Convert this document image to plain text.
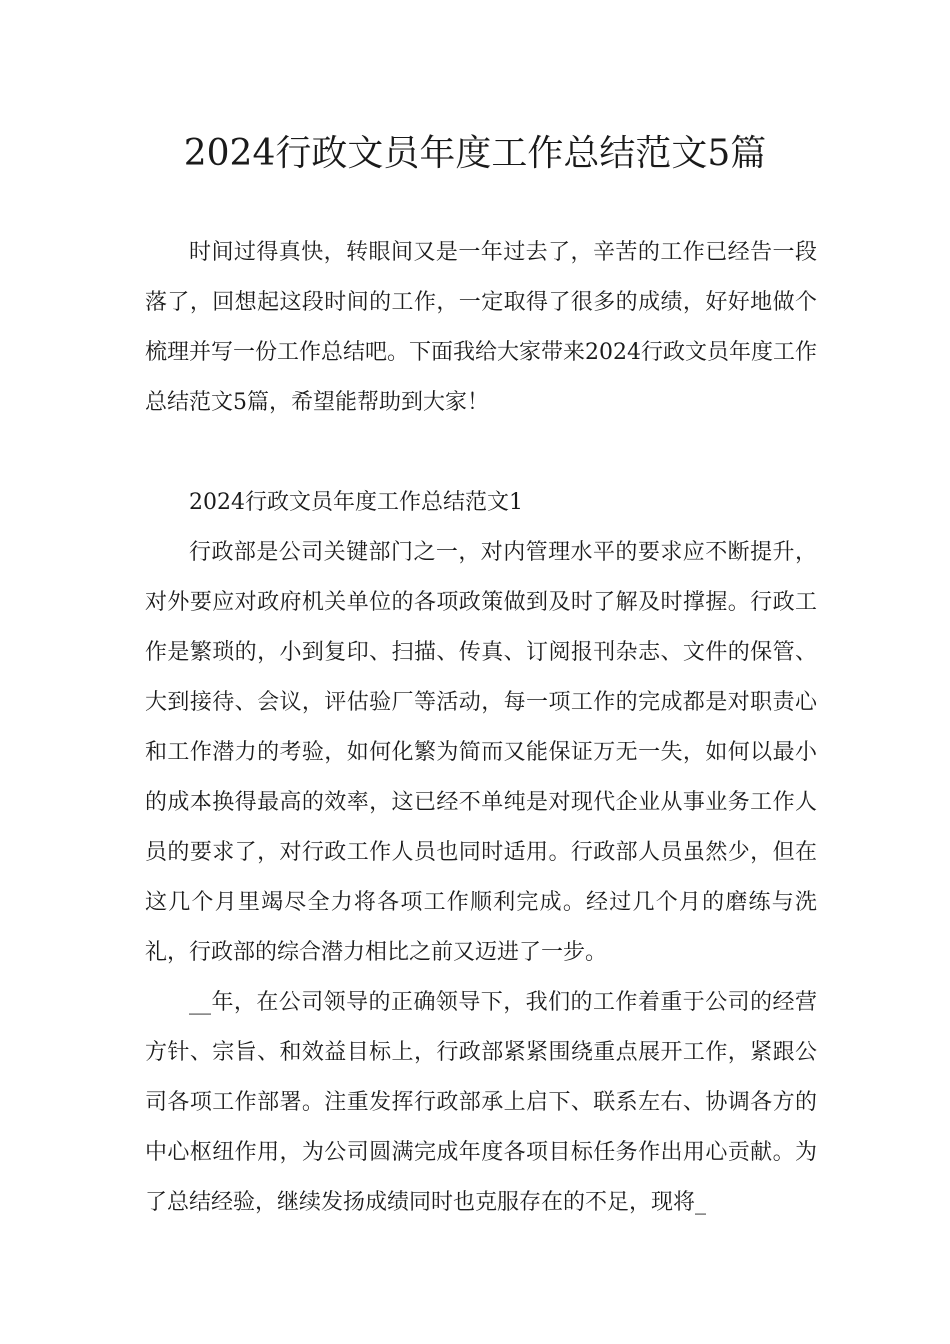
2024行政文员年度工作总结范文5篇

时间过得真快，转眼间又是一年过去了，辛苦的工作已经告一段落了，回想起这段时间的工作，一定取得了很多的成绩，好好地做个梳理并写一份工作总结吧。下面我给大家带来2024行政文员年度工作总结范文5篇，希望能帮助到大家！

2024行政文员年度工作总结范文1

行政部是公司关键部门之一，对内管理水平的要求应不断提升，对外要应对政府机关单位的各项政策做到及时了解及时撑握。行政工作是繁琐的，小到复印、扫描、传真、订阅报刊杂志、文件的保管、大到接待、会议，评估验厂等活动，每一项工作的完成都是对职责心和工作潜力的考验，如何化繁为简而又能保证万无一失，如何以最小的成本换得最高的效率，这已经不单纯是对现代企业从事业务工作人员的要求了，对行政工作人员也同时适用。行政部人员虽然少，但在这几个月里竭尽全力将各项工作顺利完成。经过几个月的磨练与洗礼，行政部的综合潜力相比之前又迈进了一步。

__年，在公司领导的正确领导下，我们的工作着重于公司的经营方针、宗旨、和效益目标上，行政部紧紧围绕重点展开工作，紧跟公司各项工作部署。注重发挥行政部承上启下、联系左右、协调各方的中心枢纽作用，为公司圆满完成年度各项目标任务作出用心贡献。为了总结经验，继续发扬成绩同时也克服存在的不足，现将_
